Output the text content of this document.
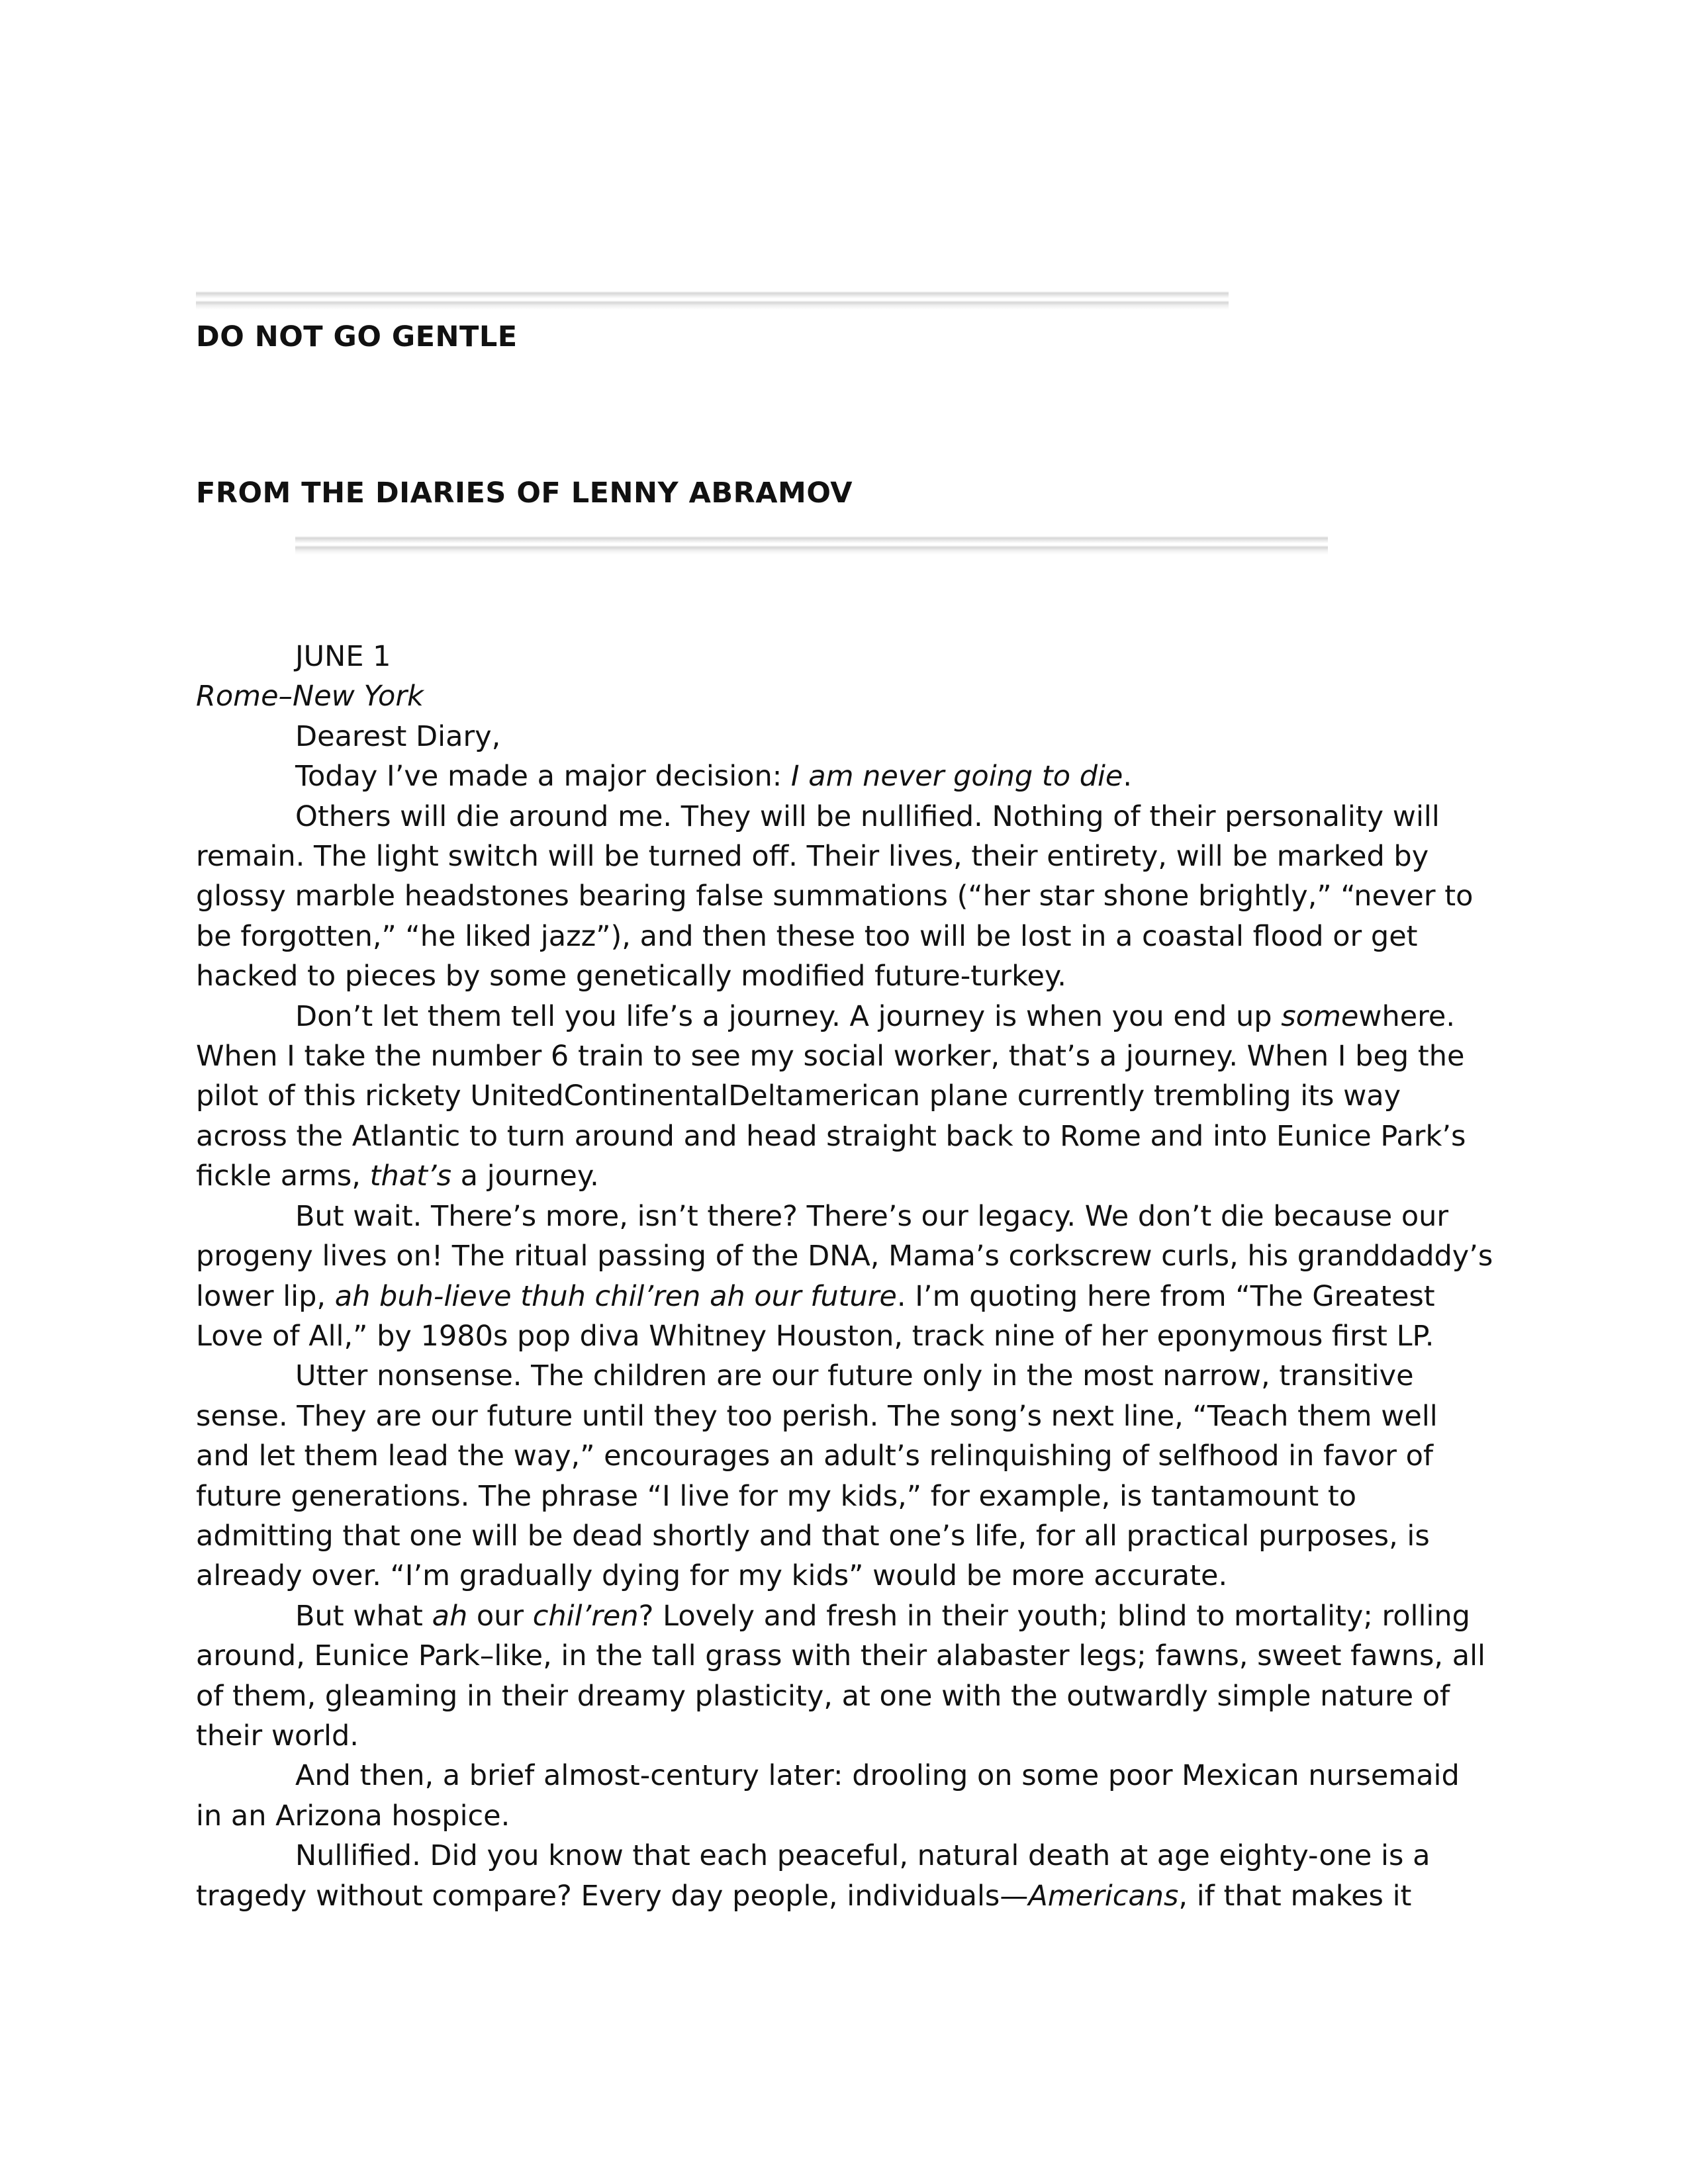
DO NOT GO GENTLE
FROM THE DIARIES OF LENNY ABRAMOV

JUNE 1

Rome–New York

Dearest Diary,

Today I’ve made a major decision: I am never going to die.

Others will die around me. They will be nullified. Nothing of their personality will remain. The light switch will be turned off. Their lives, their entirety, will be marked by glossy marble headstones bearing false summations (“her star shone brightly,” “never to be forgotten,” “he liked jazz”), and then these too will be lost in a coastal flood or get hacked to pieces by some genetically modified future-turkey.

Don’t let them tell you life’s a journey. A journey is when you end up somewhere. When I take the number 6 train to see my social worker, that’s a journey. When I beg the pilot of this rickety UnitedContinentalDeltamerican plane currently trembling its way across the Atlantic to turn around and head straight back to Rome and into Eunice Park’s fickle arms, that’s a journey.

But wait. There’s more, isn’t there? There’s our legacy. We don’t die because our progeny lives on! The ritual passing of the DNA, Mama’s corkscrew curls, his granddaddy’s lower lip, ah buh-lieve thuh chil’ren ah our future. I’m quoting here from “The Greatest Love of All,” by 1980s pop diva Whitney Houston, track nine of her eponymous first LP.

Utter nonsense. The children are our future only in the most narrow, transitive sense. They are our future until they too perish. The song’s next line, “Teach them well and let them lead the way,” encourages an adult’s relinquishing of selfhood in favor of future generations. The phrase “I live for my kids,” for example, is tantamount to admitting that one will be dead shortly and that one’s life, for all practical purposes, is already over. “I’m gradually dying for my kids” would be more accurate.

But what ah our chil’ren? Lovely and fresh in their youth; blind to mortality; rolling around, Eunice Park–like, in the tall grass with their alabaster legs; fawns, sweet fawns, all of them, gleaming in their dreamy plasticity, at one with the outwardly simple nature of their world.

And then, a brief almost-century later: drooling on some poor Mexican nursemaid in an Arizona hospice.

Nullified. Did you know that each peaceful, natural death at age eighty-one is a tragedy without compare? Every day people, individuals—Americans, if that makes it
